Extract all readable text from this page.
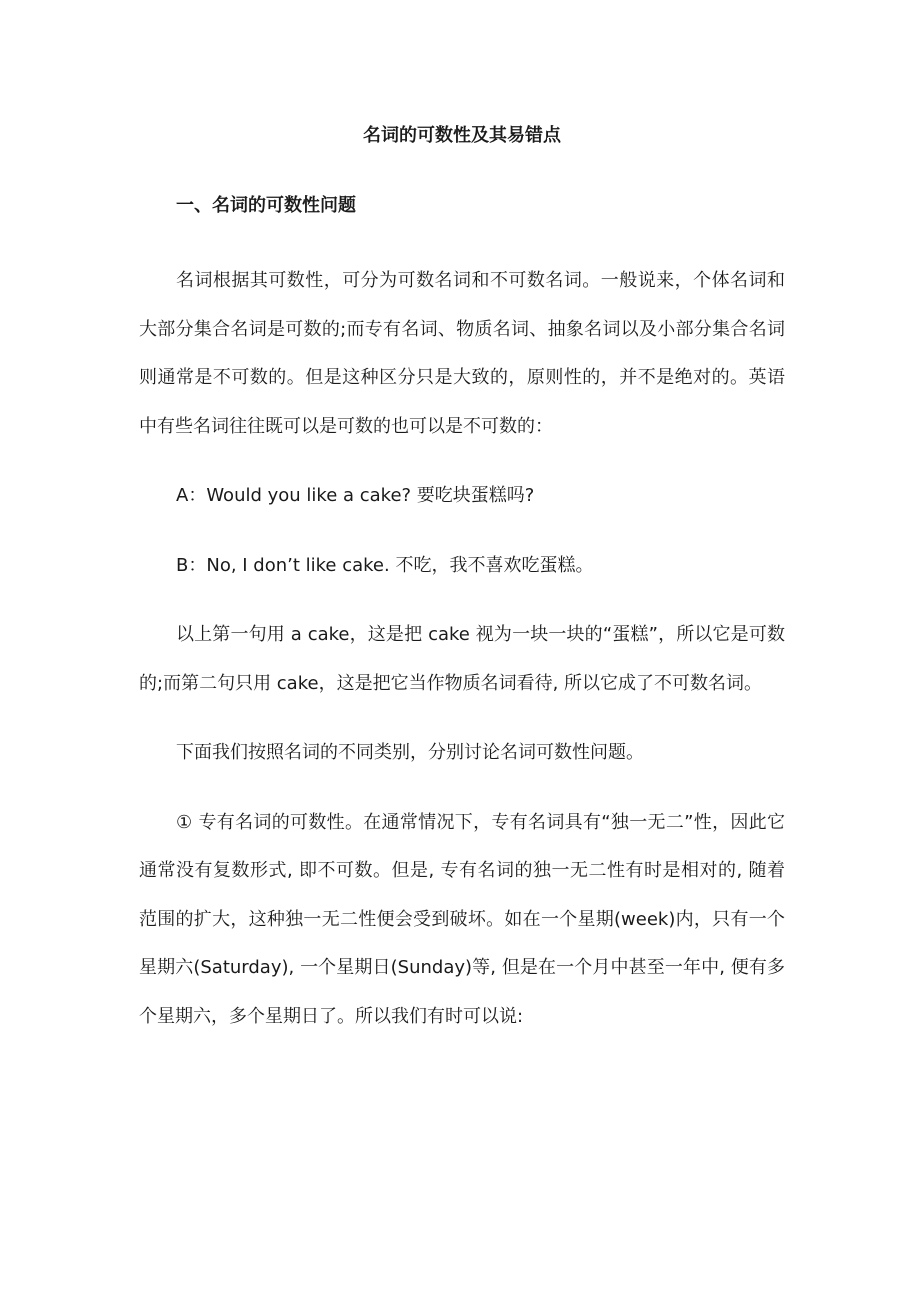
名词的可数性及其易错点
一、名词的可数性问题

名词根据其可数性，可分为可数名词和不可数名词。一般说来，个体名词和大部分集合名词是可数的;而专有名词、物质名词、抽象名词以及小部分集合名词则通常是不可数的。但是这种区分只是大致的，原则性的，并不是绝对的。英语中有些名词往往既可以是可数的也可以是不可数的：

A：Would you like a cake? 要吃块蛋糕吗?

B：No, I don’t like cake. 不吃，我不喜欢吃蛋糕。

以上第一句用 a cake，这是把 cake 视为一块一块的“蛋糕”，所以它是可数的;而第二句只用 cake，这是把它当作物质名词看待, 所以它成了不可数名词。

下面我们按照名词的不同类别，分别讨论名词可数性问题。

① 专有名词的可数性。在通常情况下，专有名词具有“独一无二”性，因此它通常没有复数形式, 即不可数。但是, 专有名词的独一无二性有时是相对的, 随着范围的扩大，这种独一无二性便会受到破坏。如在一个星期(week)内，只有一个星期六(Saturday), 一个星期日(Sunday)等, 但是在一个月中甚至一年中, 便有多个星期六，多个星期日了。所以我们有时可以说:
